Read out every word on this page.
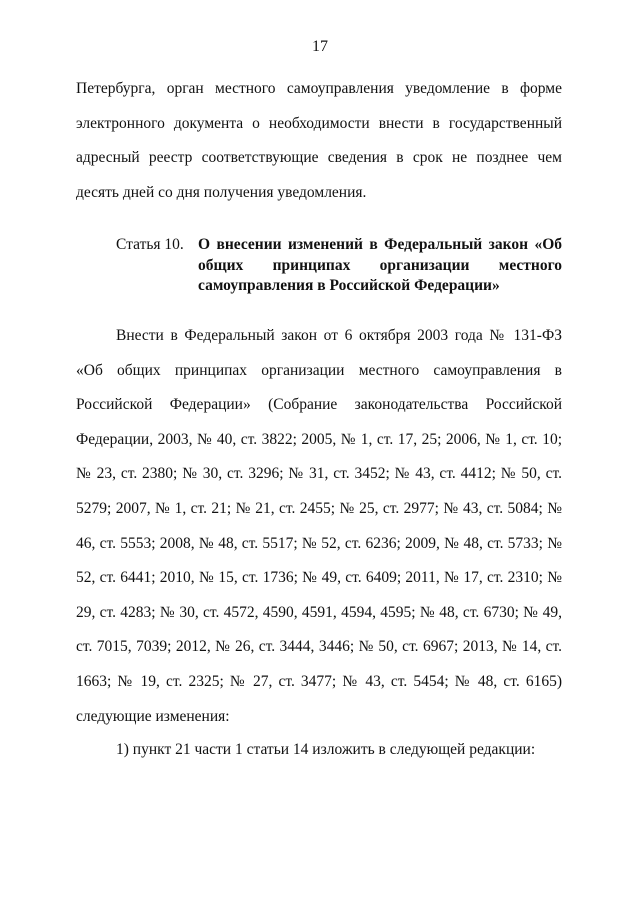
17

Петербурга, орган местного самоуправления уведомление в форме электронного документа о необходимости внести в государственный адресный реестр соответствующие сведения в срок не позднее чем десять дней со дня получения уведомления.

Статья 10. О внесении изменений в Федеральный закон «Об общих принципах организации местного самоуправления в Российской Федерации»

Внести в Федеральный закон от 6 октября 2003 года № 131-ФЗ «Об общих принципах организации местного самоуправления в Российской Федерации» (Собрание законодательства Российской Федерации, 2003, № 40, ст. 3822; 2005, № 1, ст. 17, 25; 2006, № 1, ст. 10; № 23, ст. 2380; № 30, ст. 3296; № 31, ст. 3452; № 43, ст. 4412; № 50, ст. 5279; 2007, № 1, ст. 21; № 21, ст. 2455; № 25, ст. 2977; № 43, ст. 5084; № 46, ст. 5553; 2008, № 48, ст. 5517; № 52, ст. 6236; 2009, № 48, ст. 5733; № 52, ст. 6441; 2010, № 15, ст. 1736; № 49, ст. 6409; 2011, № 17, ст. 2310; № 29, ст. 4283; № 30, ст. 4572, 4590, 4591, 4594, 4595; № 48, ст. 6730; № 49, ст. 7015, 7039; 2012, № 26, ст. 3444, 3446; № 50, ст. 6967; 2013, № 14, ст. 1663; № 19, ст. 2325; № 27, ст. 3477; № 43, ст. 5454; № 48, ст. 6165) следующие изменения:

1) пункт 21 части 1 статьи 14 изложить в следующей редакции:
